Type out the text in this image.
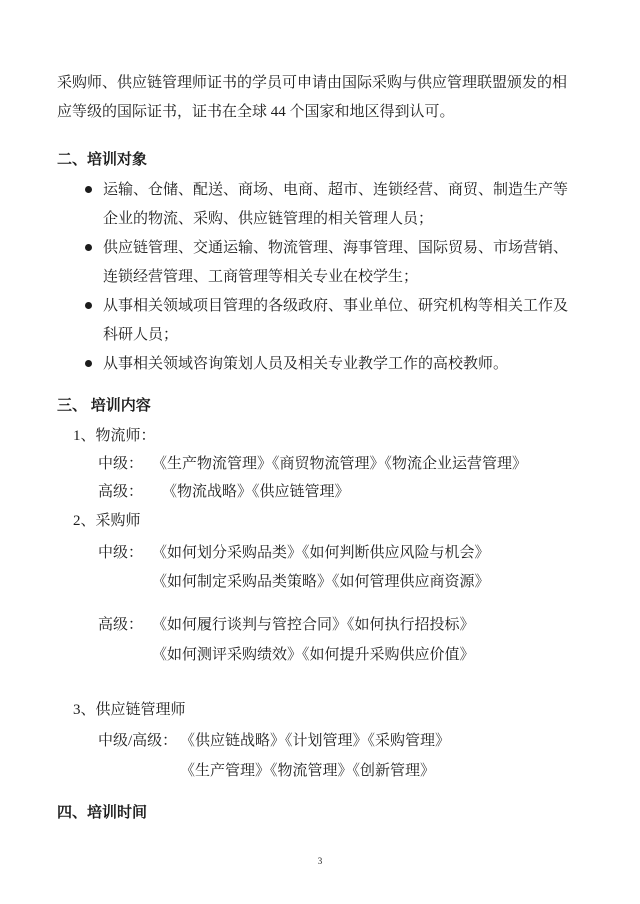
采购师、供应链管理师证书的学员可申请由国际采购与供应管理联盟颁发的相
应等级的国际证书，证书在全球 44 个国家和地区得到认可。
二、培训对象
运输、仓储、配送、商场、电商、超市、连锁经营、商贸、制造生产等
企业的物流、采购、供应链管理的相关管理人员；
供应链管理、交通运输、物流管理、海事管理、国际贸易、市场营销、
连锁经营管理、工商管理等相关专业在校学生；
从事相关领域项目管理的各级政府、事业单位、研究机构等相关工作及
科研人员；
从事相关领域咨询策划人员及相关专业教学工作的高校教师。
三、 培训内容
1、物流师：
中级： 《生产物流管理》《商贸物流管理》《物流企业运营管理》
高级： 《物流战略》《供应链管理》
2、采购师
中级： 《如何划分采购品类》《如何判断供应风险与机会》
《如何制定采购品类策略》《如何管理供应商资源》
高级： 《如何履行谈判与管控合同》《如何执行招投标》
《如何测评采购绩效》《如何提升采购供应价值》
3、供应链管理师
中级/高级： 《供应链战略》《计划管理》《采购管理》
《生产管理》《物流管理》《创新管理》
四、培训时间
3
